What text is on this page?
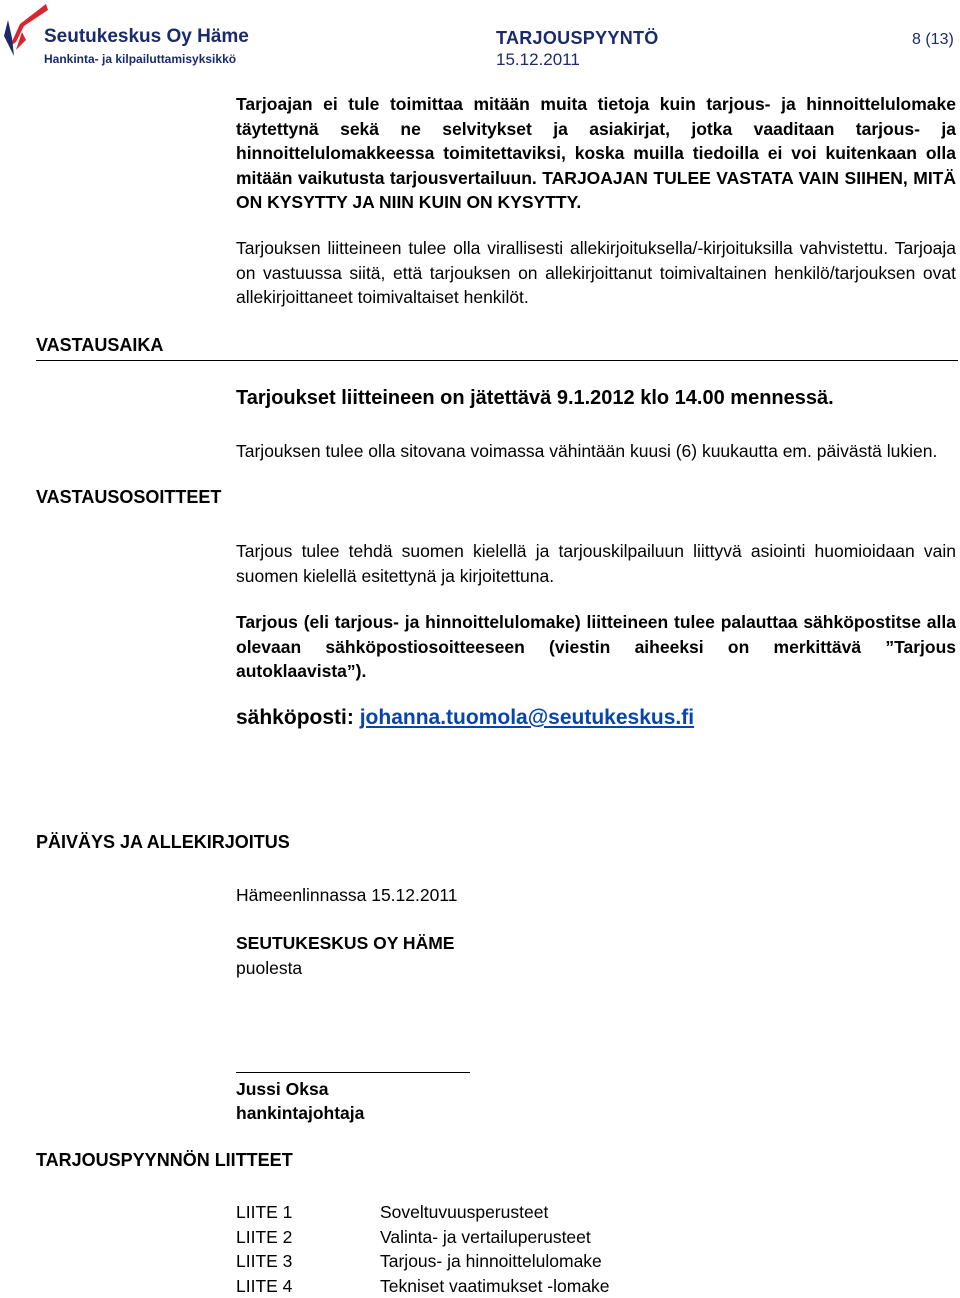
Seutukeskus Oy Häme
Hankinta- ja kilpailuttamisyksikkö
TARJOUSPYYNTÖ
15.12.2011
8 (13)

Tarjoajan ei tule toimittaa mitään muita tietoja kuin tarjous- ja hinnoittelulomake täytettynä sekä ne selvitykset ja asiakirjat, jotka vaaditaan tarjous- ja hinnoittelulomakkeessa toimitettaviksi, koska muilla tiedoilla ei voi kuitenkaan olla mitään vaikutusta tarjousvertailuun. TARJOAJAN TULEE VASTATA VAIN SIIHEN, MITÄ ON KYSYTTY JA NIIN KUIN ON KYSYTTY.

Tarjouksen liitteineen tulee olla virallisesti allekirjoituksella/-kirjoituksilla vahvistettu. Tarjoaja on vastuussa siitä, että tarjouksen on allekirjoittanut toimivaltainen henkilö/tarjouksen ovat allekirjoittaneet toimivaltaiset henkilöt.

VASTAUSAIKA
Tarjoukset liitteineen on jätettävä 9.1.2012 klo 14.00 mennessä.

Tarjouksen tulee olla sitovana voimassa vähintään kuusi (6) kuukautta em. päivästä lukien.

VASTAUSOSOITTEET

Tarjous tulee tehdä suomen kielellä ja tarjouskilpailuun liittyvä asiointi huomioidaan vain suomen kielellä esitettynä ja kirjoitettuna.

Tarjous (eli tarjous- ja hinnoittelulomake) liitteineen tulee palauttaa sähköpostitse alla olevaan sähköpostiosoitteeseen (viestin aiheeksi on merkittävä ”Tarjous autoklaavista”).

sähköposti: johanna.tuomola@seutukeskus.fi
PÄIVÄYS JA ALLEKIRJOITUS
Hämeenlinnassa 15.12.2011
SEUTUKESKUS OY HÄME
puolesta
Jussi Oksa
hankintajohtaja
TARJOUSPYYNNÖN LIITTEET
LIITE 1	Soveltuvuusperusteet
LIITE 2	Valinta- ja vertailuperusteet
LIITE 3	Tarjous- ja hinnoittelulomake
LIITE 4	Tekniset vaatimukset -lomake
